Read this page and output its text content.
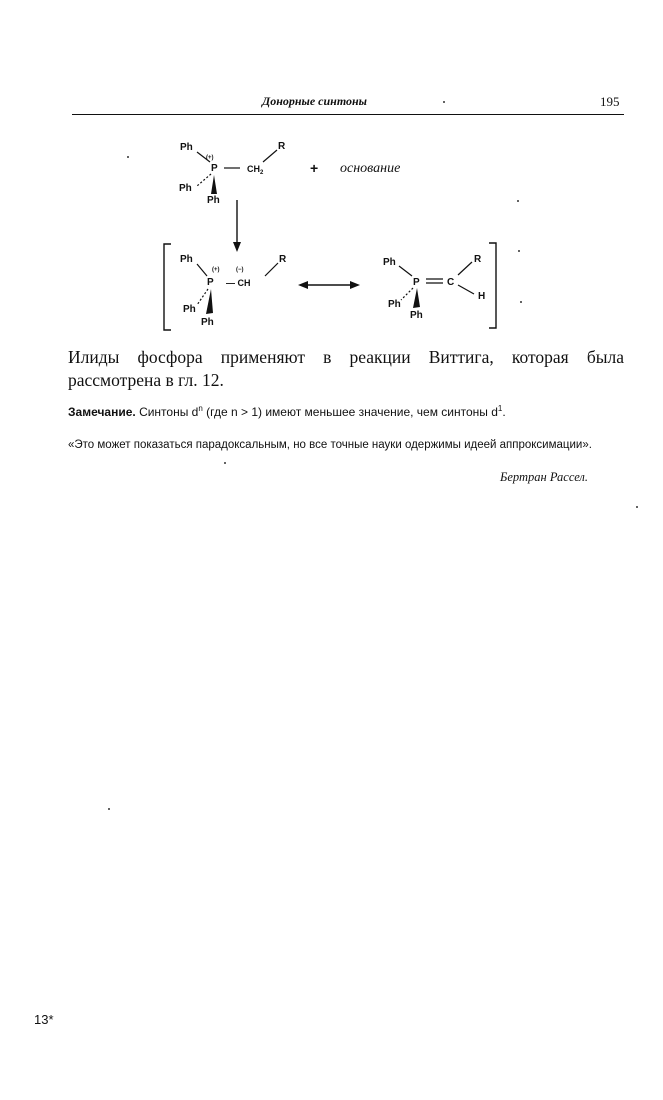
Донорные синтоны	195
Ph
(+)
P
Ph
Ph
$CH_2$
R
+ основание
Ph
(+)	(−)
P — CH
R
Ph
Ph
Ph
P	C
R
H
Ph
Ph

Илиды фосфора применяют в реакции Виттига, которая была рассмотрена в гл. 12.

Замечание. Синтоны $d^n$ (где n > 1) имеют меньшее значение, чем синтоны $d^1$.

«Это может показаться парадоксальным, но все точные науки одержимы идеей аппроксимации».

Бертран Рассел.

13*
